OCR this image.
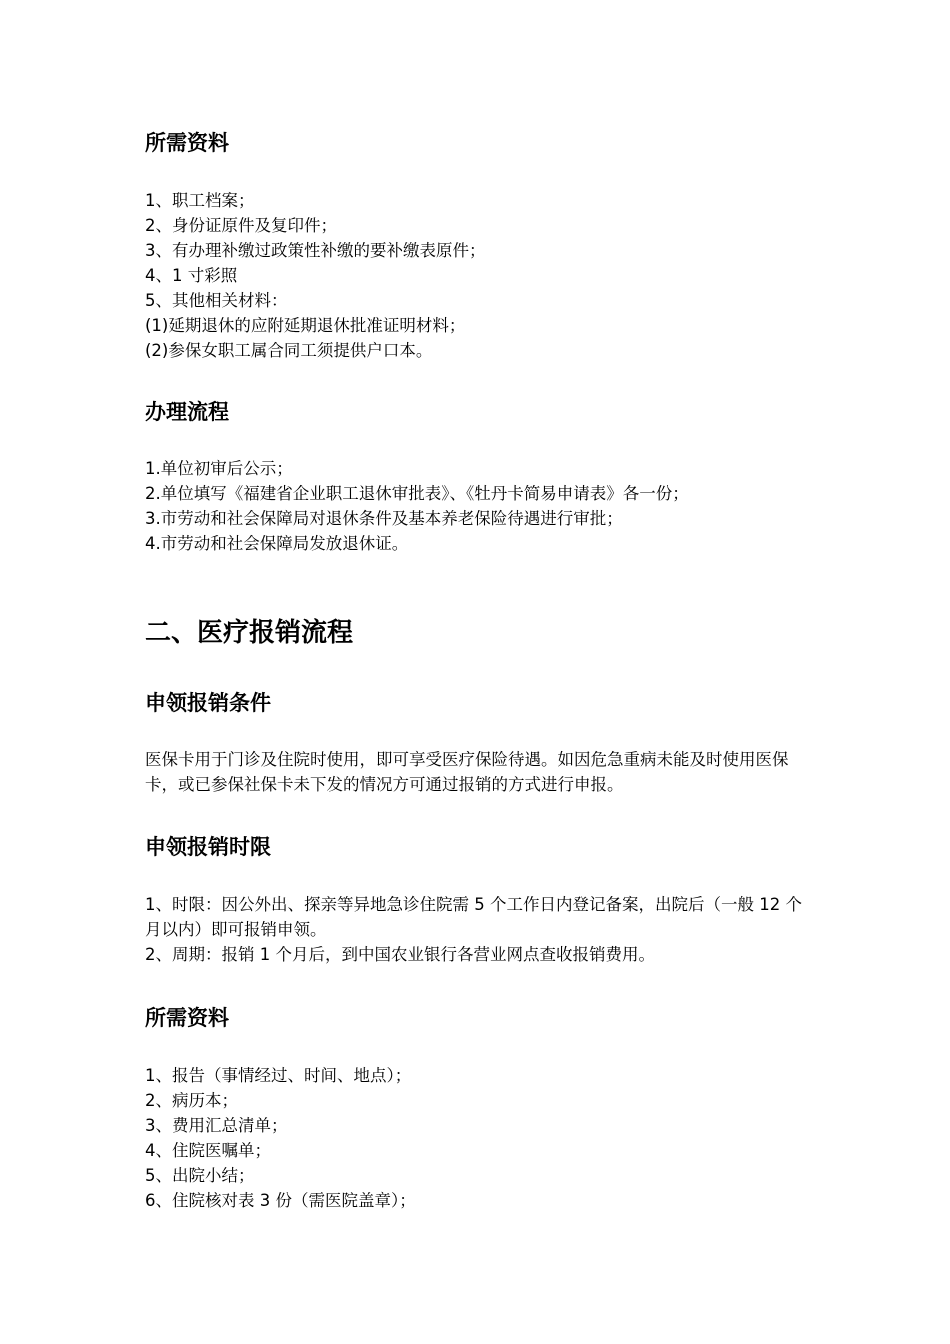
所需资料
1、职工档案；
2、身份证原件及复印件；
3、有办理补缴过政策性补缴的要补缴表原件；
4、1 寸彩照
5、其他相关材料：
(1)延期退休的应附延期退休批准证明材料；
(2)参保女职工属合同工须提供户口本。
办理流程
1.单位初审后公示；
2.单位填写《福建省企业职工退休审批表》、《牡丹卡简易申请表》各一份；
3.市劳动和社会保障局对退休条件及基本养老保险待遇进行审批；
4.市劳动和社会保障局发放退休证。
二、医疗报销流程
申领报销条件

医保卡用于门诊及住院时使用，即可享受医疗保险待遇。如因危急重病未能及时使用医保卡，或已参保社保卡未下发的情况方可通过报销的方式进行申报。

申领报销时限
1、时限：因公外出、探亲等异地急诊住院需 5 个工作日内登记备案，出院后（一般 12 个月以内）即可报销申领。
2、周期：报销 1 个月后，到中国农业银行各营业网点查收报销费用。
所需资料
1、报告（事情经过、时间、地点）；
2、病历本；
3、费用汇总清单；
4、住院医嘱单；
5、出院小结；
6、住院核对表 3 份（需医院盖章）；
